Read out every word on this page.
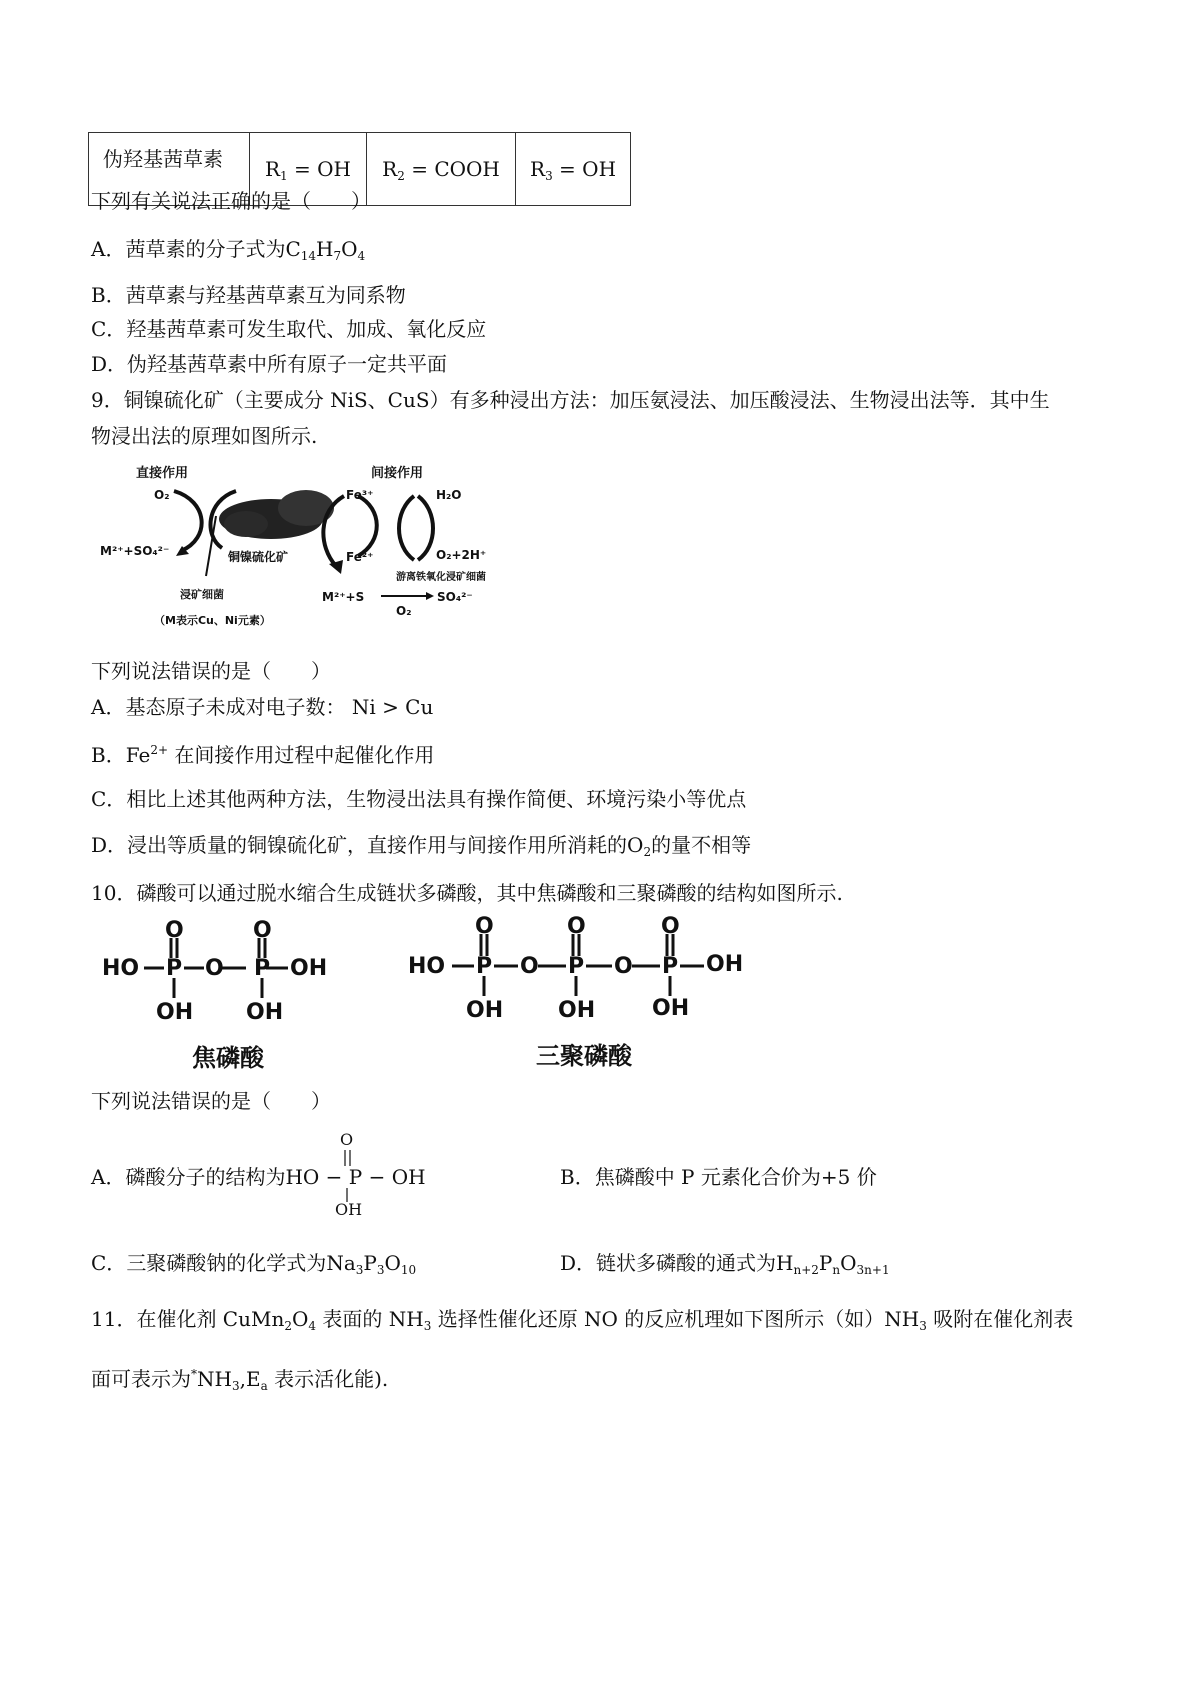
伪羟基茜草素	$R_1$ = OH	$R_2$ = COOH	$R_3$ = OH
下列有关说法正确的是（　　）
A．茜草素的分子式为$C_{14}H_7O_4$
B．茜草素与羟基茜草素互为同系物
C．羟基茜草素可发生取代、加成、氧化反应
D．伪羟基茜草素中所有原子一定共平面
9．铜镍硫化矿（主要成分 NiS、CuS）有多种浸出方法：加压氨浸法、加压酸浸法、生物浸出法等．其中生
物浸出法的原理如图所示.
直接作用	间接作用
O₂
M²⁺+SO₄²⁻	铜镍硫化矿
浸矿细菌
（M表示Cu、Ni元素）
Fe³⁺
Fe²⁺
H₂O
O₂+2H⁺
游离铁氧化浸矿细菌
M²⁺+S	SO₄²⁻
O₂
下列说法错误的是（　　）
A．基态原子未成对电子数： Ni > Cu
B．$Fe^{2+}$ 在间接作用过程中起催化作用
C．相比上述其他两种方法，生物浸出法具有操作简便、环境污染小等优点
D．浸出等质量的铜镍硫化矿，直接作用与间接作用所消耗的$O_2$的量不相等
10．磷酸可以通过脱水缩合生成链状多磷酸，其中焦磷酸和三聚磷酸的结构如图所示.
HO P O P OH
O	O
OH OH
焦磷酸
HO P O P O P OH
O	O	O
OH OH	OH
三聚磷酸
下列说法错误的是（　　）
A．磷酸分子的结构为HO − P − OH
O
OH
B．焦磷酸中 P 元素化合价为+5 价
C．三聚磷酸钠的化学式为$Na_3P_3O_{10}$	D．链状多磷酸的通式为$H_{n+2}P_nO_{3n+1}$
11．在催化剂 $CuMn_2O_4$ 表面的 $NH_3$ 选择性催化还原 NO 的反应机理如下图所示（如）$NH_3$ 吸附在催化剂表
面可表示为$^*NH_3,E_a$ 表示活化能).
